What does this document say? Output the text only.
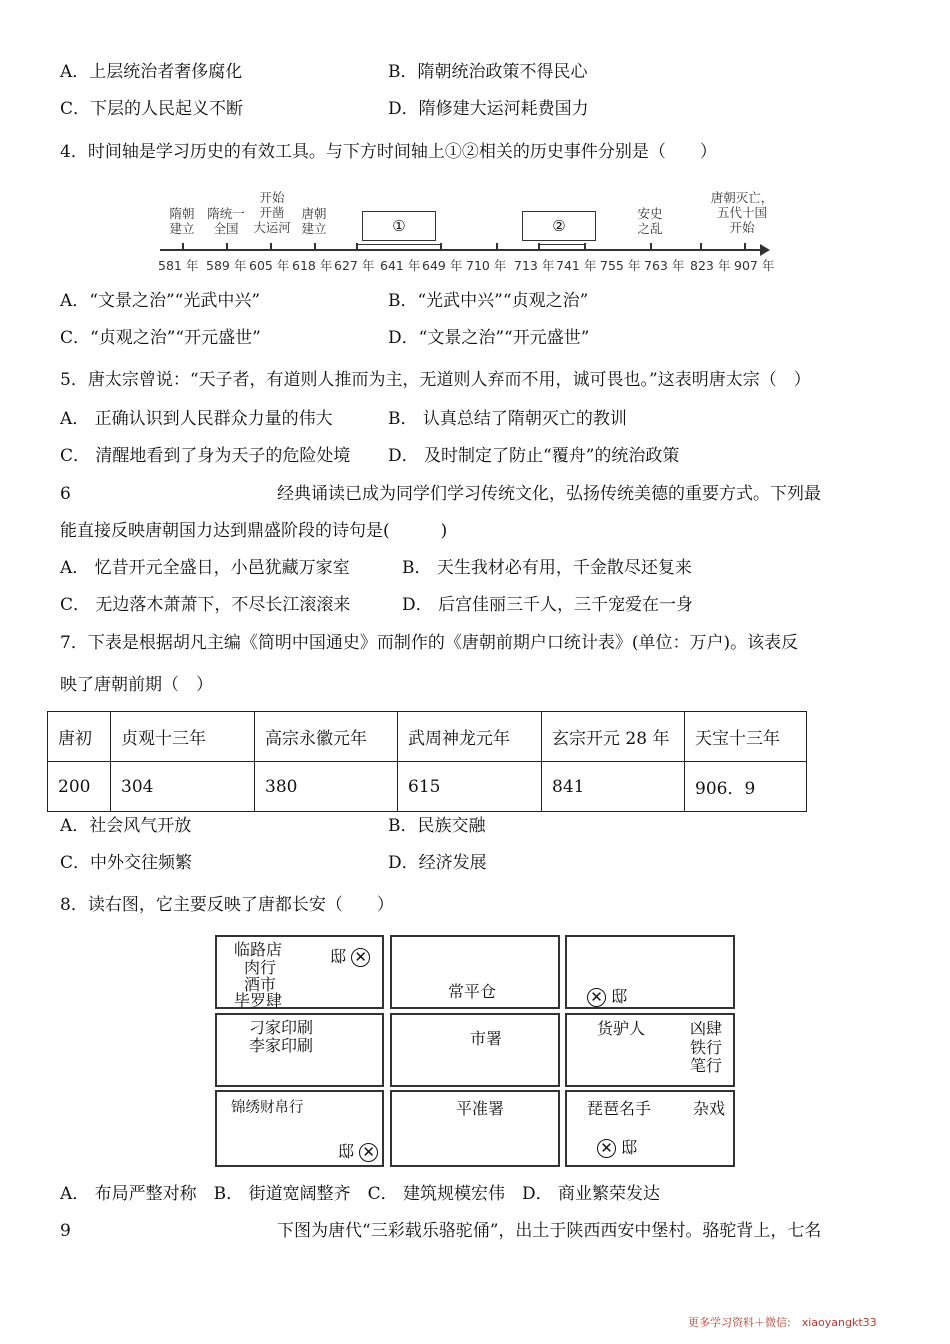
A．上层统治者奢侈腐化	B．隋朝统治政策不得民心
C．下层的人民起义不断	D．隋修建大运河耗费国力
4．时间轴是学习历史的有效工具。与下方时间轴上①②相关的历史事件分别是（　　）
隋朝
建立
隋统一
全国
开始
开凿
大运河
唐朝
建立	①	②
安史
之乱
唐朝灭亡，
五代十国
开始
581 年 589 年 605 年 618 年 627 年 641 年 649 年 710 年 713 年 741 年 755 年 763 年 823 年 907 年
A．“文景之治”“光武中兴”	B．“光武中兴”“贞观之治”
C．“贞观之治”“开元盛世”	D．“文景之治”“开元盛世”
5．唐太宗曾说：“天子者，有道则人推而为主，无道则人弃而不用，诚可畏也。”这表明唐太宗（　）
A． 正确认识到人民群众力量的伟大	B． 认真总结了隋朝灭亡的教训
C． 清醒地看到了身为天子的危险处境 D． 及时制定了防止“覆舟”的统治政策
6	经典诵读已成为同学们学习传统文化，弘扬传统美德的重要方式。下列最
能直接反映唐朝国力达到鼎盛阶段的诗句是(　　　)
A． 忆昔开元全盛日，小邑犹藏万家室	B． 天生我材必有用，千金散尽还复来
C． 无边落木萧萧下，不尽长江滚滚来	D． 后宫佳丽三千人，三千宠爱在一身
7．下表是根据胡凡主编《简明中国通史》而制作的《唐朝前期户口统计表》(单位：万户)。该表反
映了唐朝前期（　）
唐初	贞观十三年	高宗永徽元年	武周神龙元年	玄宗开元 28 年	天宝十三年
200	304	380	615	841	906．9
A．社会风气开放	B．民族交融
C．中外交往频繁	D．经济发展
8．读右图，它主要反映了唐都长安（　　）
临路店
肉行
酒市
毕罗肆
邸 ✕
常平仓	✕ 邸
刁家印刷
李家印刷	市署
货驴人	凶肆
铁行
笔行
锦绣财帛行
邸 ✕
平准署	琵琶名手	杂戏
✕ 邸
A． 布局严整对称　B． 街道宽阔整齐　C． 建筑规模宏伟　D． 商业繁荣发达
9	下图为唐代“三彩载乐骆驼俑”，出土于陕西西安中堡村。骆驼背上，七名
更多学习资料＋微信:　xiaoyangkt33
